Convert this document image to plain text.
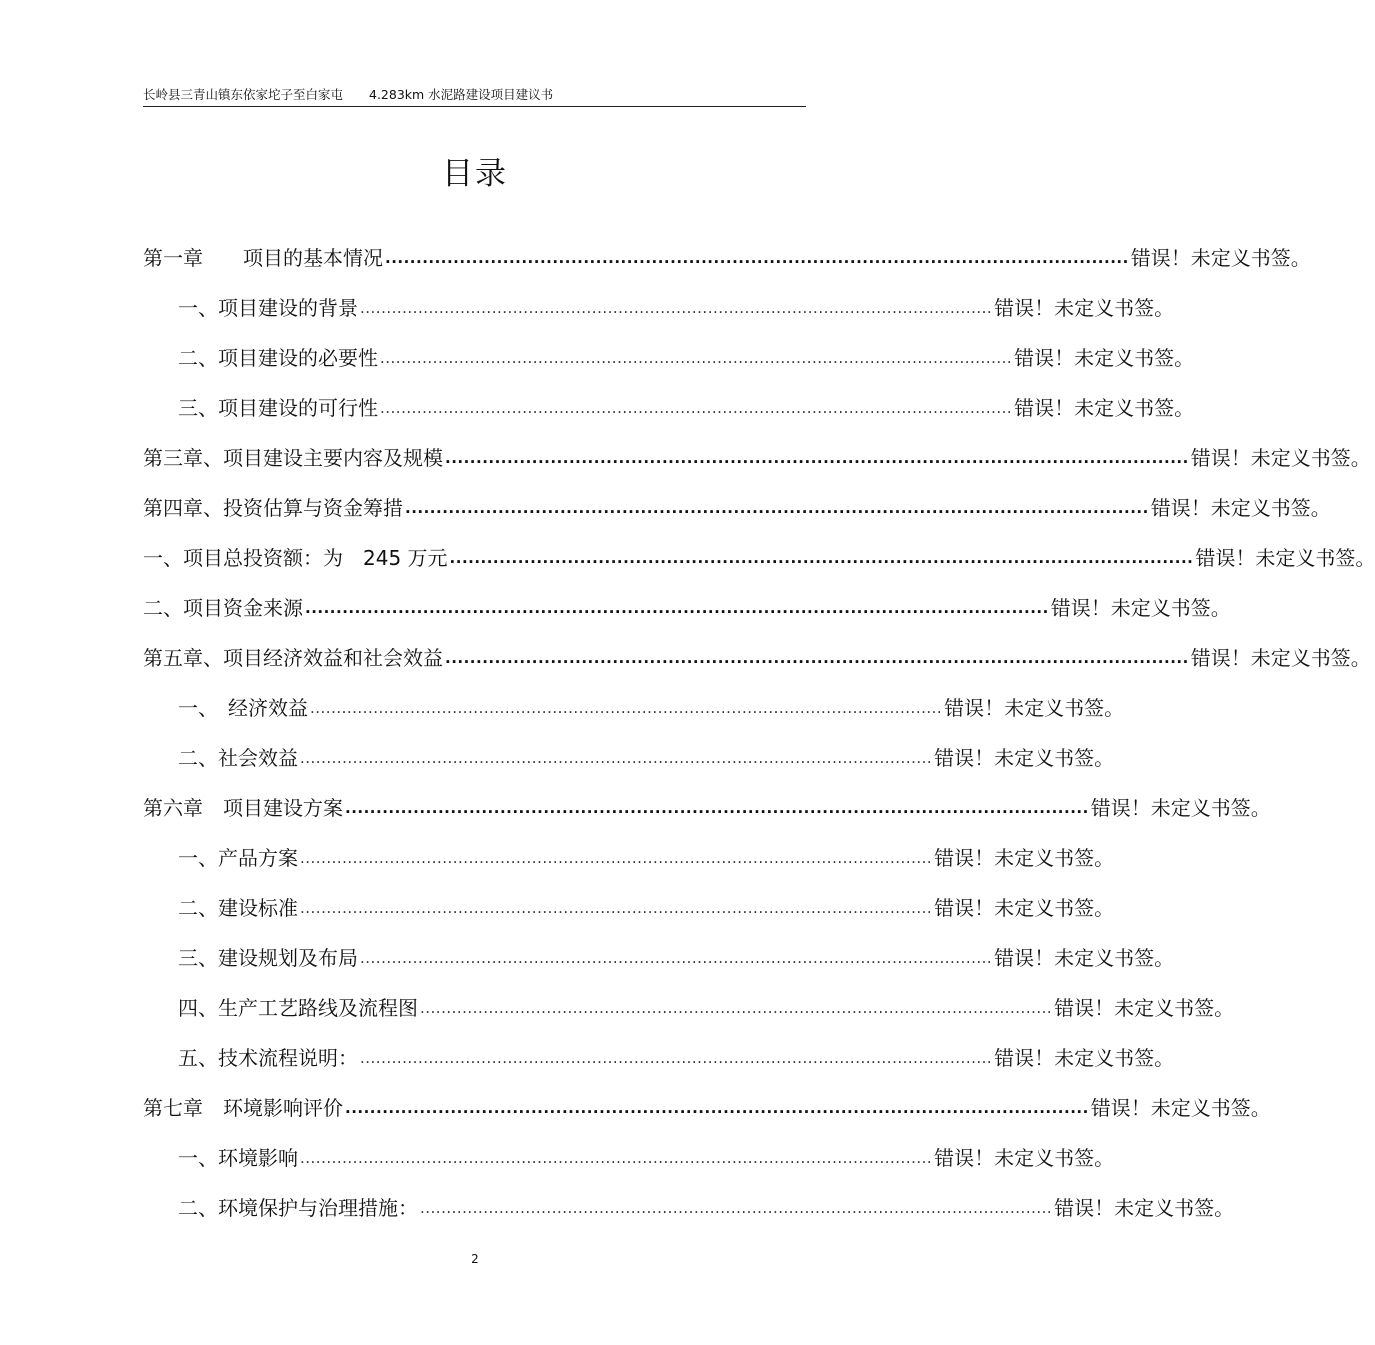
长岭县三青山镇东依家坨子至白家屯 4.283km 水泥路建设项目建议书
目录
第一章　　项目的基本情况 ........................................................................................................................ 错误！未定义书签。
一、项目建设的背景 ........................................................................................................................ 错误！未定义书签。
二、项目建设的必要性 ........................................................................................................................ 错误！未定义书签。
三、项目建设的可行性 ........................................................................................................................ 错误！未定义书签。
第三章、项目建设主要内容及规模 ........................................................................................................................ 错误！未定义书签。
第四章、投资估算与资金筹措 ........................................................................................................................ 错误！未定义书签。
一、项目总投资额：为　245 万元 ........................................................................................................................ 错误！未定义书签。
二、项目资金来源 ........................................................................................................................ 错误！未定义书签。
第五章、项目经济效益和社会效益 ........................................................................................................................ 错误！未定义书签。
一、　经济效益 ........................................................................................................................ 错误！未定义书签。
二、社会效益 ........................................................................................................................ 错误！未定义书签。
第六章　项目建设方案 ........................................................................................................................ 错误！未定义书签。
一、产品方案 ........................................................................................................................ 错误！未定义书签。
二、建设标准 ........................................................................................................................ 错误！未定义书签。
三、建设规划及布局 ........................................................................................................................ 错误！未定义书签。
四、生产工艺路线及流程图 ........................................................................................................................ 错误！未定义书签。
五、技术流程说明： ........................................................................................................................ 错误！未定义书签。
第七章　环境影响评价 ........................................................................................................................ 错误！未定义书签。
一、环境影响 ........................................................................................................................ 错误！未定义书签。
二、环境保护与治理措施： ........................................................................................................................ 错误！未定义书签。
2
